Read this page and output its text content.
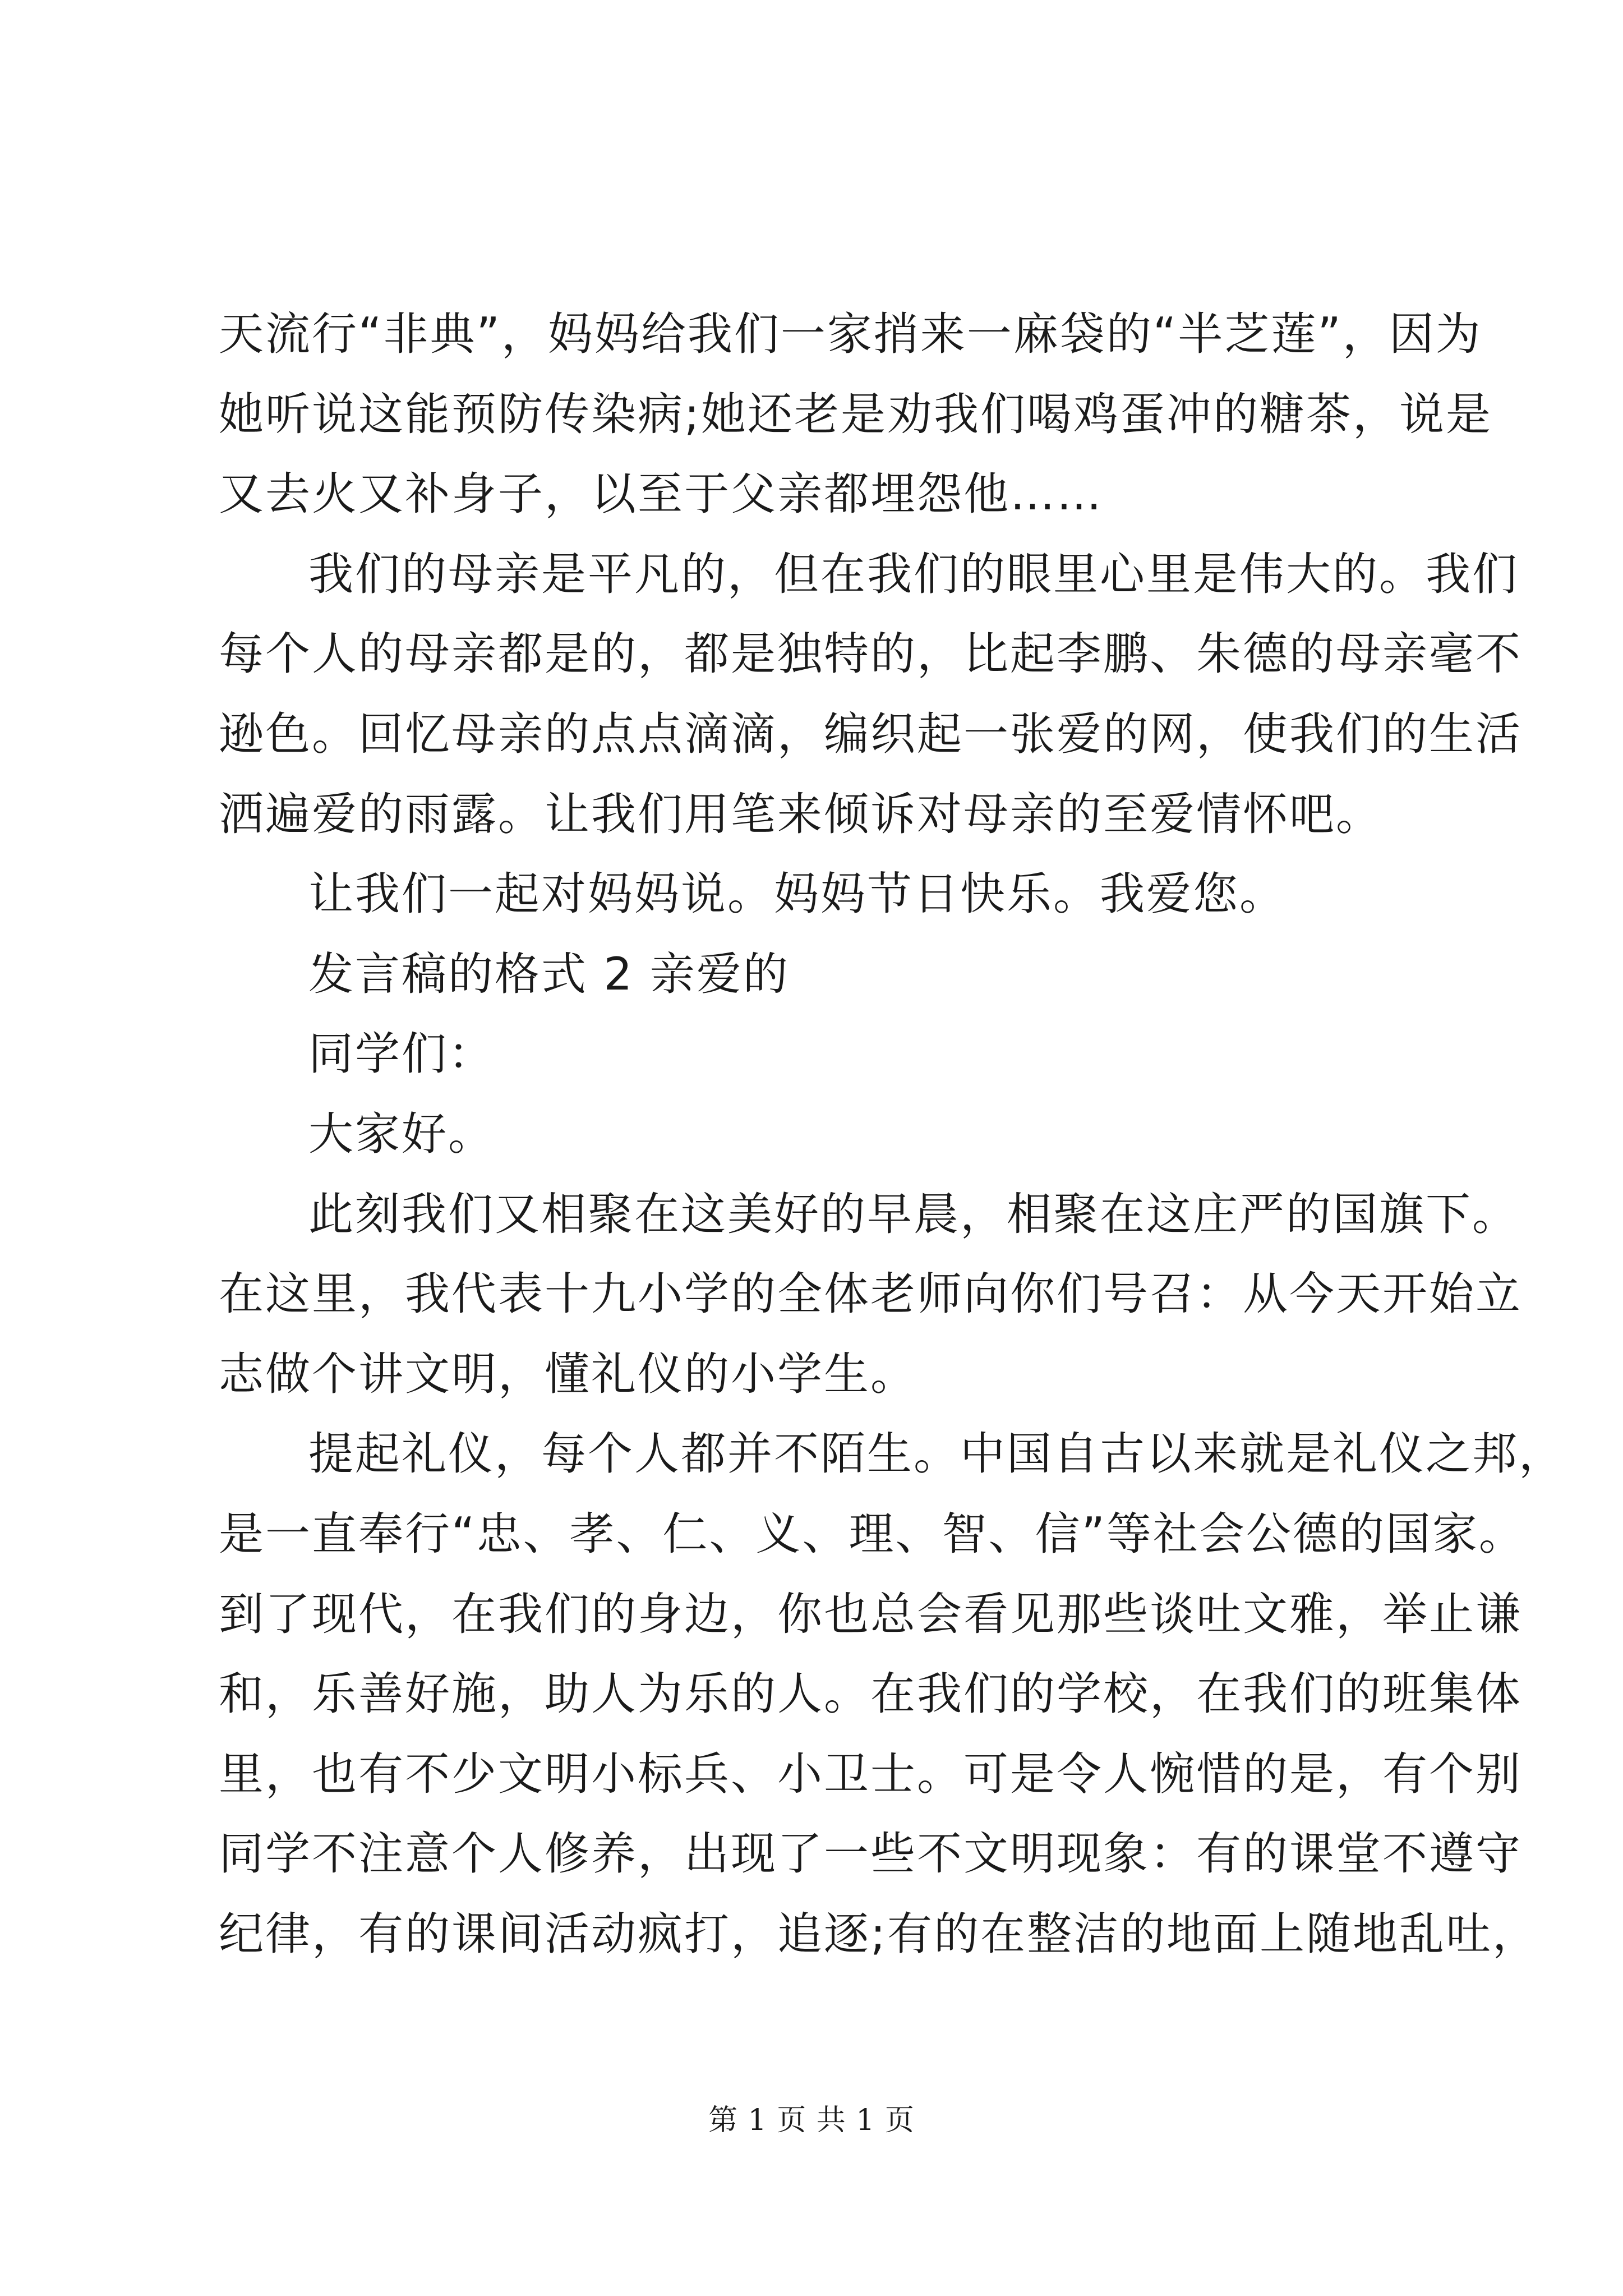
天流行“非典”，妈妈给我们一家捎来一麻袋的“半芝莲”，因为
她听说这能预防传染病;她还老是劝我们喝鸡蛋冲的糖茶，说是
又去火又补身子，以至于父亲都埋怨他……
我们的母亲是平凡的，但在我们的眼里心里是伟大的。我们
每个人的母亲都是的，都是独特的，比起李鹏、朱德的母亲毫不
逊色。回忆母亲的点点滴滴，编织起一张爱的网，使我们的生活
洒遍爱的雨露。让我们用笔来倾诉对母亲的至爱情怀吧。
让我们一起对妈妈说。妈妈节日快乐。我爱您。
发言稿的格式 2 亲爱的
同学们：
大家好。
此刻我们又相聚在这美好的早晨，相聚在这庄严的国旗下。
在这里，我代表十九小学的全体老师向你们号召：从今天开始立
志做个讲文明，懂礼仪的小学生。
提起礼仪，每个人都并不陌生。中国自古以来就是礼仪之邦，
是一直奉行“忠、孝、仁、义、理、智、信”等社会公德的国家。
到了现代，在我们的身边，你也总会看见那些谈吐文雅，举止谦
和，乐善好施，助人为乐的人。在我们的学校，在我们的班集体
里，也有不少文明小标兵、小卫士。可是令人惋惜的是，有个别
同学不注意个人修养，出现了一些不文明现象：有的课堂不遵守
纪律，有的课间活动疯打，追逐;有的在整洁的地面上随地乱吐，
第 1 页 共 1 页
